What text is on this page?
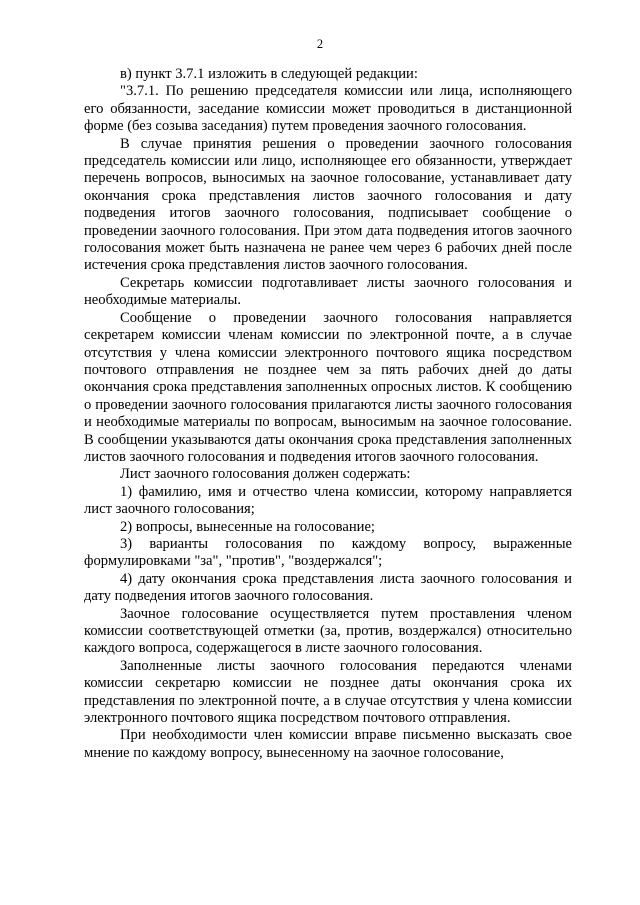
2

в) пункт 3.7.1 изложить в следующей редакции:

"3.7.1. По решению председателя комиссии или лица, исполняющего его обязанности, заседание комиссии может проводиться в дистанционной форме (без созыва заседания) путем проведения заочного голосования.

В случае принятия решения о проведении заочного голосования председатель комиссии или лицо, исполняющее его обязанности, утверждает перечень вопросов, выносимых на заочное голосование, устанавливает дату окончания срока представления листов заочного голосования и дату подведения итогов заочного голосования, подписывает сообщение о проведении заочного голосования. При этом дата подведения итогов заочного голосования может быть назначена не ранее чем через 6 рабочих дней после истечения срока представления листов заочного голосования.

Секретарь комиссии подготавливает листы заочного голосования и необходимые материалы.

Сообщение о проведении заочного голосования направляется секретарем комиссии членам комиссии по электронной почте, а в случае отсутствия у члена комиссии электронного почтового ящика посредством почтового отправления не позднее чем за пять рабочих дней до даты окончания срока представления заполненных опросных листов. К сообщению о проведении заочного голосования прилагаются листы заочного голосования и необходимые материалы по вопросам, выносимым на заочное голосование. В сообщении указываются даты окончания срока представления заполненных листов заочного голосования и подведения итогов заочного голосования.

Лист заочного голосования должен содержать:

1) фамилию, имя и отчество члена комиссии, которому направляется лист заочного голосования;

2) вопросы, вынесенные на голосование;

3) варианты голосования по каждому вопросу, выраженные формулировками "за", "против", "воздержался";

4) дату окончания срока представления листа заочного голосования и дату подведения итогов заочного голосования.

Заочное голосование осуществляется путем проставления членом комиссии соответствующей отметки (за, против, воздержался) относительно каждого вопроса, содержащегося в листе заочного голосования.

Заполненные листы заочного голосования передаются членами комиссии секретарю комиссии не позднее даты окончания срока их представления по электронной почте, а в случае отсутствия у члена комиссии электронного почтового ящика посредством почтового отправления.

При необходимости член комиссии вправе письменно высказать свое мнение по каждому вопросу, вынесенному на заочное голосование,
